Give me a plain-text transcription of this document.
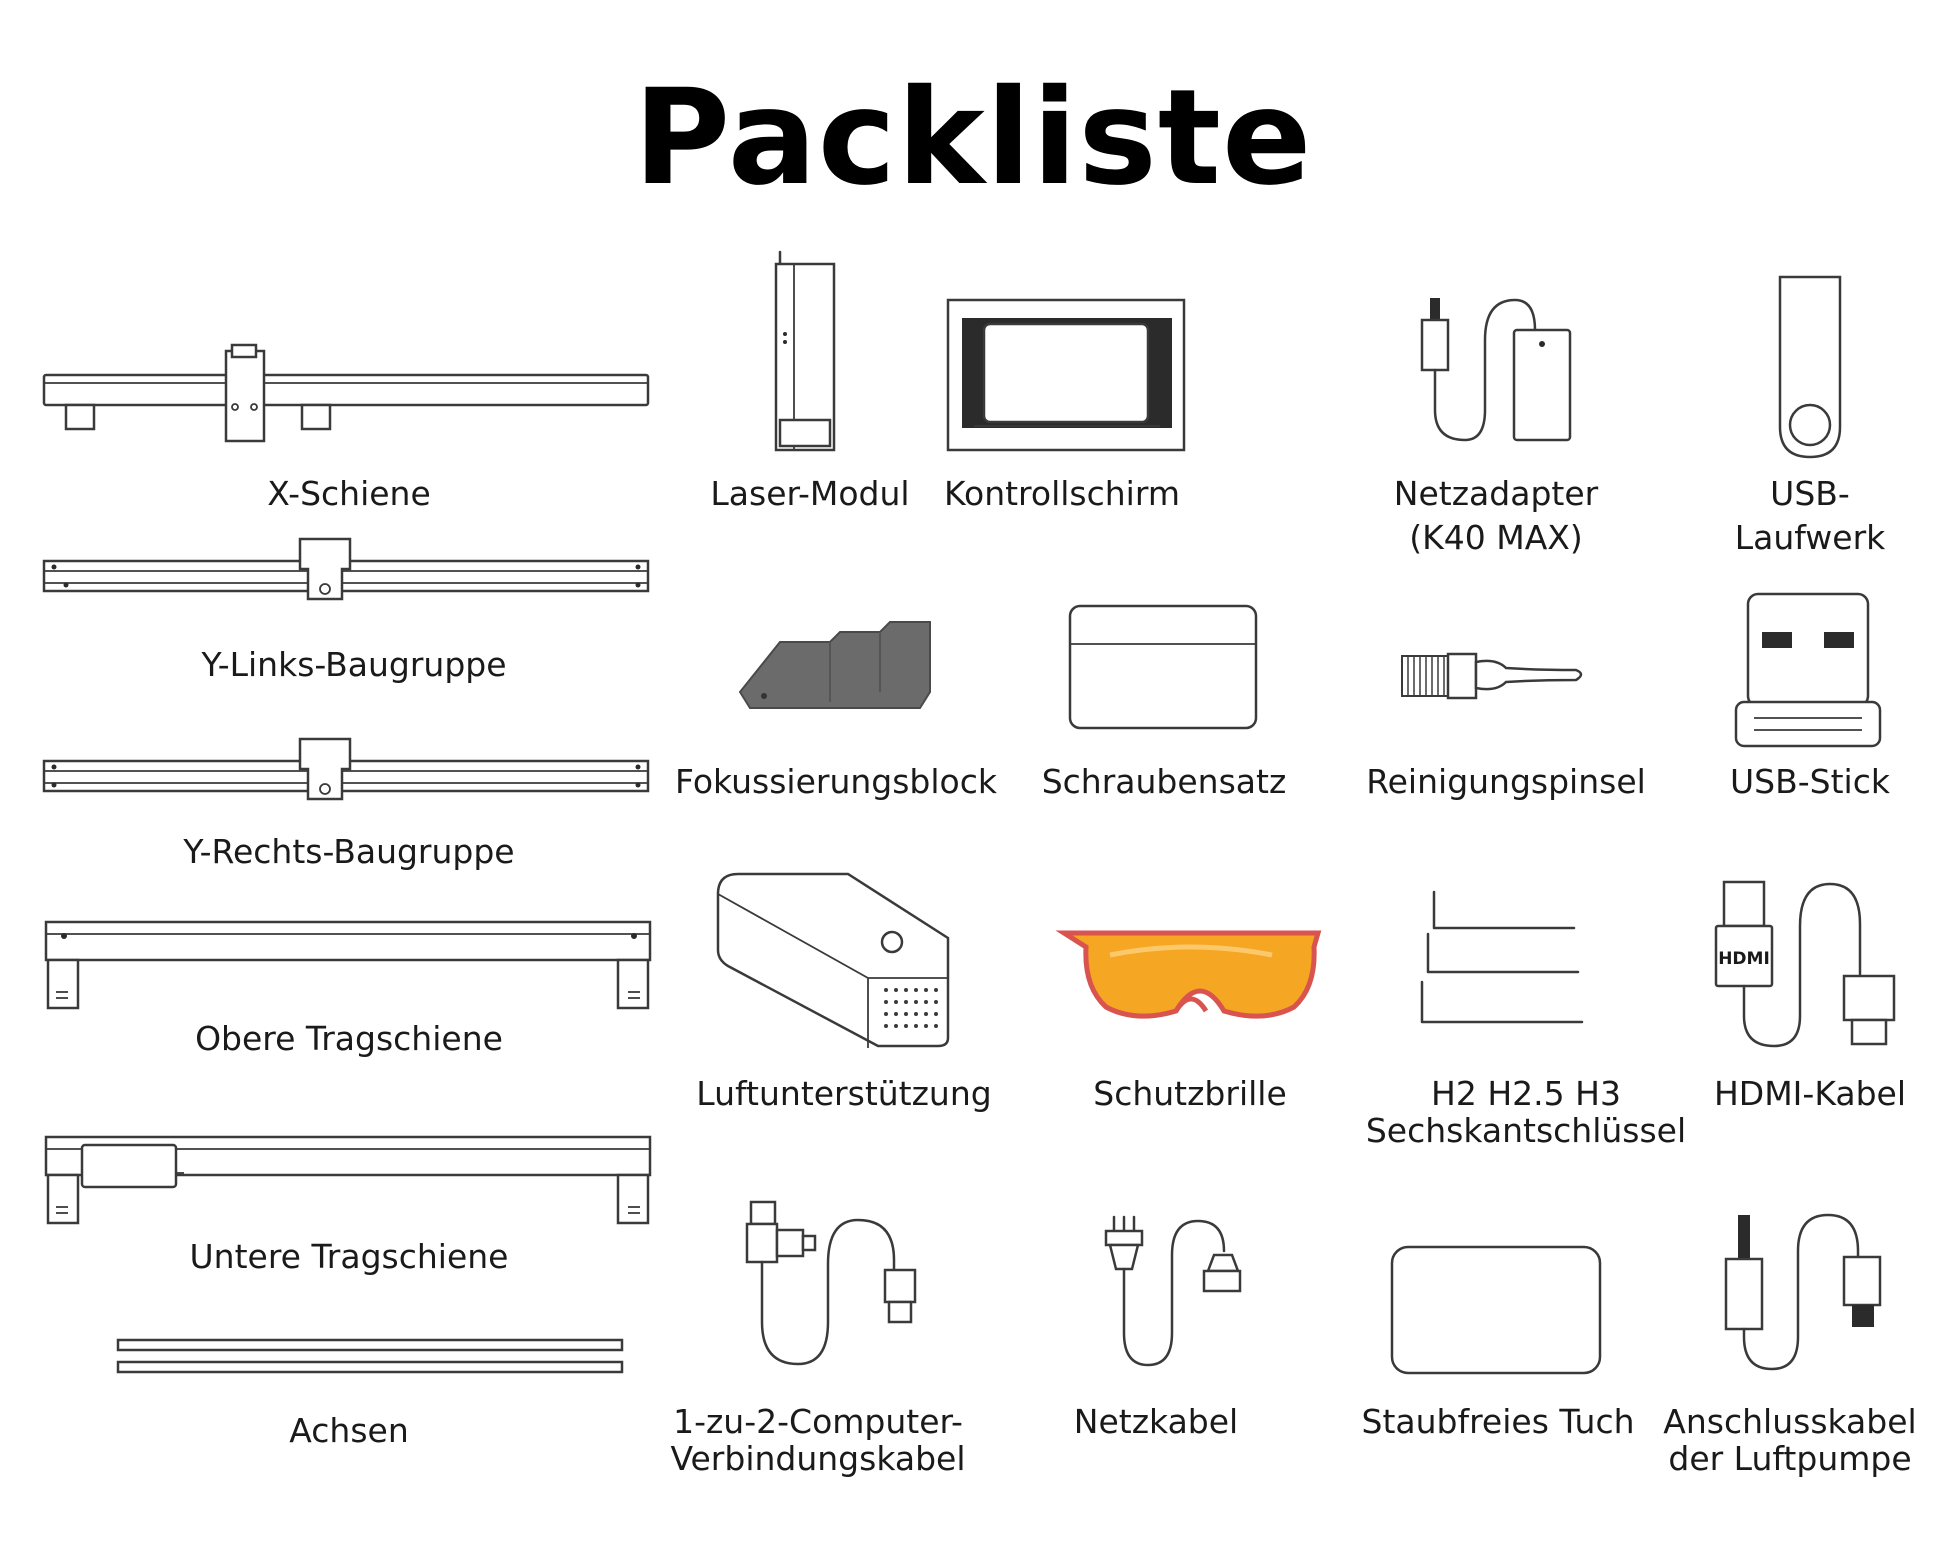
Packliste
X-Schiene
Y-Links-Baugruppe
Y-Rechts-Baugruppe
Obere Tragschiene
Untere Tragschiene
Achsen
Laser-Modul Kontrollschirm	Netzadapter
(K40 MAX)
USB-
Laufwerk
Fokussierungsblock Schraubensatz Reinigungspinsel	USB-Stick
Luftunterstützung	Schutzbrille	H2 H2.5 H3
Sechskantschlüssel
HDMI
HDMI-Kabel
1-zu-2-Computer-
Verbindungskabel
Netzkabel	Staubfreies Tuch Anschlusskabel
der Luftpumpe
